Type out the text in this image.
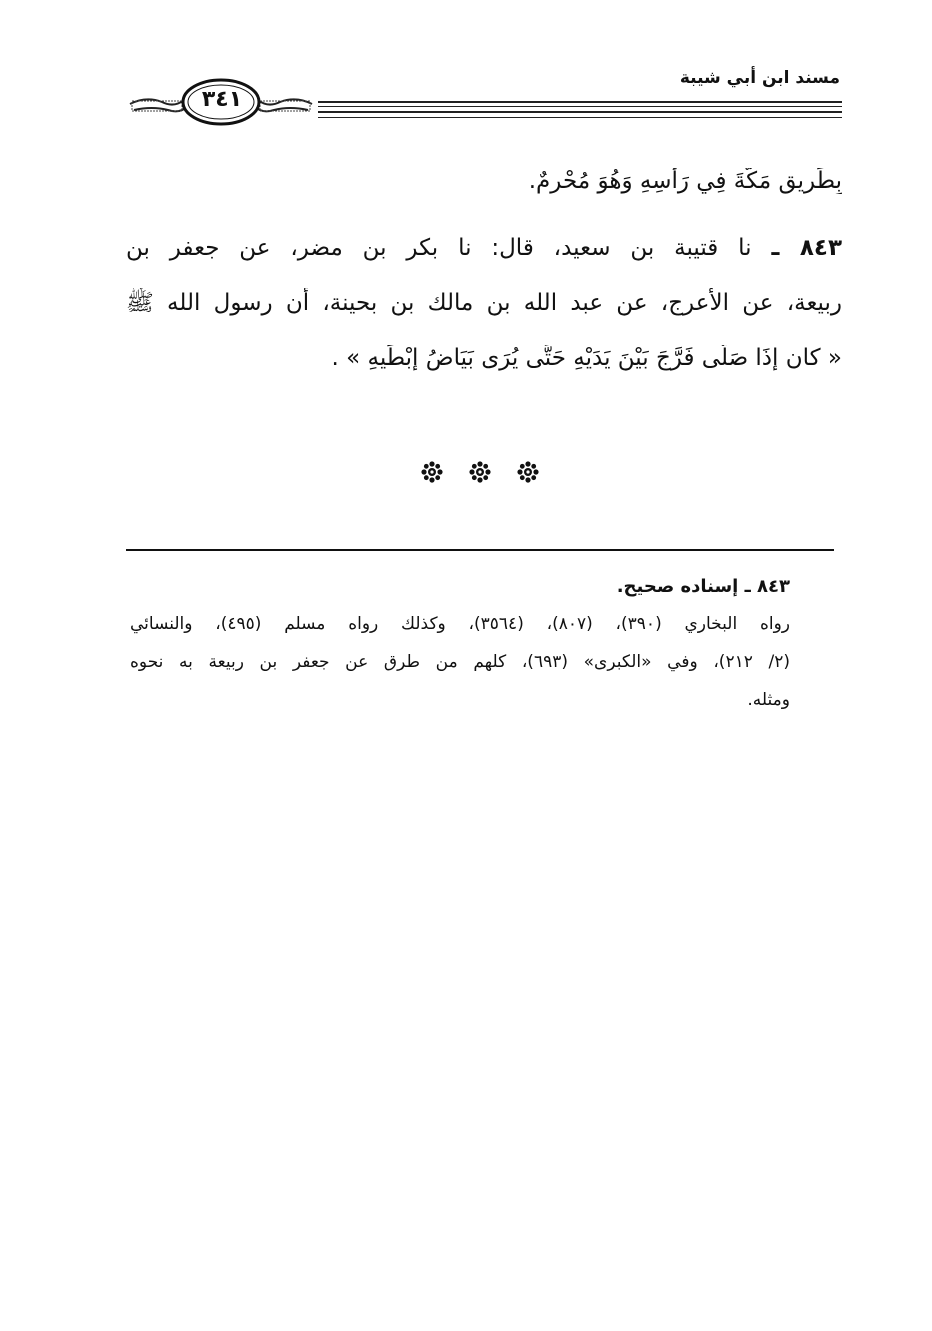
مسند ابن أبي شيبة
٣٤١
بِطَرِيقِ مَكَّةَ فِي رَأْسِهِ وَهُوَ مُحْرِمٌ.
٨٤٣ ـ نا قتيبة بن سعيد، قال: نا بكر بن مضر، عن جعفر بن
ربيعة، عن الأعرج، عن عبد الله بن مالك بن بحينة، أن رسول الله ﷺ
« كان إِذَا صَلَّى فَرَّجَ بَيْنَ يَدَيْهِ حَتَّى يُرَى بَيَاضُ إِبْطَيهِ » .
٨٤٣ ـ إسناده صحيح.
رواه البخاري (٣٩٠)، (٨٠٧)، (٣٥٦٤)، وكذلك رواه مسلم (٤٩٥)، والنسائي
(٢/ ٢١٢)، وفي «الكبرى» (٦٩٣)، كلهم من طرق عن جعفر بن ربيعة به نحوه
ومثله.
